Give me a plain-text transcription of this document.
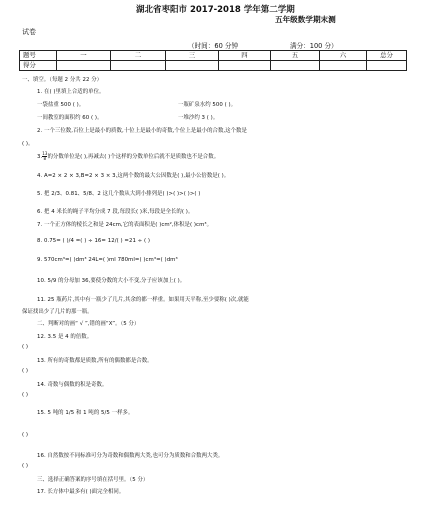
湖北省枣阳市 2017-2018 学年第二学期
五年级数学期末测
试卷
（时间：60 分钟	满分：100 分）
题号	一	二	三	四	五	六	总分
得分							
一、填空。（每题 2 分共 22 分）
1. 在( )里填上合适的单位。
一袋盐重 500 ( )。	一瓶矿泉水约 500 ( )。
一间教室的面积约 60 ( )。	一堆沙约 3 ( )。
2. 一个三位数,百位上是最小的质数,十位上是最小的奇数,个位上是最小的合数,这个数是
( )。
3. $\frac{13}{8}$ 的分数单位是( ),再减去( )个这样的分数单位后就不是质数也不是合数。
4. A=2 × 2 × 3,B=2 × 3 × 3,这两个数的最大公因数是( ),最小公倍数是( )。
5. 把 2/3、0.81、5/8、2 这几个数从大到小排列是( )>( )>( )>( )
6. 把 4 米长的绳子平均分成 7 段,每段长( )米,每段是全长的( )。
7. 一个正方体的棱长之和是 24cm,它的表面积是( )cm²,体积是( )cm³。
8. 0.75= ( )/4 =( ) ÷ 16= 12/( ) =21 ÷ ( )
9. 570cm³=( )dm³ 24L=( )ml 780ml=( )cm³=( )dm³
10. 5/9 的分母加 36,要使分数的大小不变,分子应该加上( )。
11. 25 瓶药片,其中有一瓶少了几片,其余的都一样重。如果用天平称,至少要称( )次,就能
保证找出少了几片的那一瓶。
二、判断对的画“ √ ”,错的画“X”。（5 分）
12. 3.5 是 4 的倍数。
( )
13. 所有的奇数都是质数,所有的偶数都是合数。
( )
14. 奇数与偶数的积是奇数。
( )
15. 5 吨的 1/5 和 1 吨的 5/5 一样多。
( )
16. 自然数按不同标准可分为奇数和偶数两大类,也可分为质数和合数两大类。
( )
三、选择正确答案的序号填在括号里。（5 分）
17. 长方体中最多有( )面完全相同。
